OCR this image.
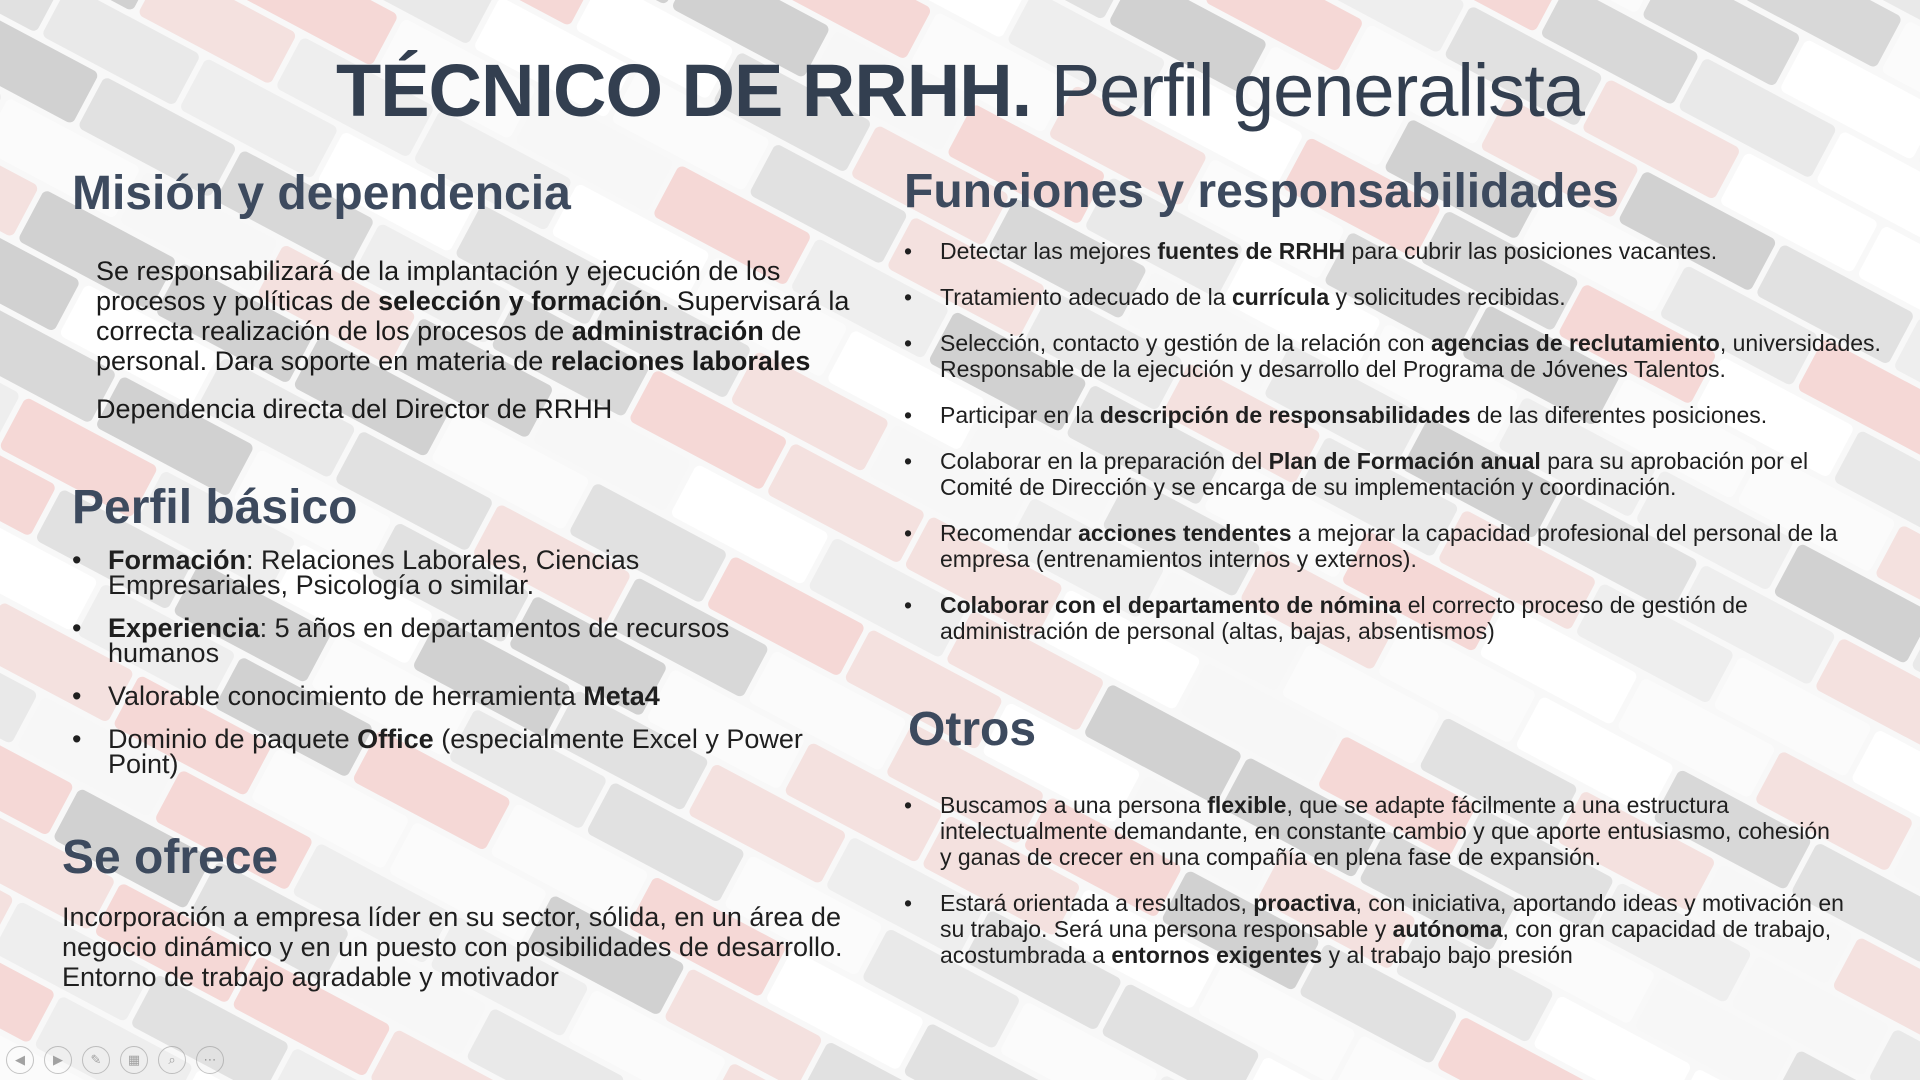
TÉCNICO DE RRHH. Perfil generalista
Misión y dependencia

Se responsabilizará de la implantación y ejecución de los procesos y políticas de selección y formación. Supervisará la correcta realización de los procesos de administración de personal. Dara soporte en materia de relaciones laborales

Dependencia directa del Director de RRHH

Perfil básico
• Formación: Relaciones Laborales, Ciencias Empresariales, Psicología o similar.
• Experiencia: 5 años en departamentos de recursos humanos
• Valorable conocimiento de herramienta Meta4
• Dominio de paquete Office (especialmente Excel y Power Point)
Se ofrece
Incorporación a empresa líder en su sector, sólida, en un área de negocio dinámico y en un puesto con posibilidades de desarrollo. Entorno de trabajo agradable y motivador
Funciones y responsabilidades
• Detectar las mejores fuentes de RRHH para cubrir las posiciones vacantes.
• Tratamiento adecuado de la currícula y solicitudes recibidas.
• Selección, contacto y gestión de la relación con agencias de reclutamiento, universidades. Responsable de la ejecución y desarrollo del Programa de Jóvenes Talentos.
• Participar en la descripción de responsabilidades de las diferentes posiciones.
• Colaborar en la preparación del Plan de Formación anual para su aprobación por el Comité de Dirección y se encarga de su implementación y coordinación.
• Recomendar acciones tendentes a mejorar la capacidad profesional del personal de la empresa (entrenamientos internos y externos).
• Colaborar con el departamento de nómina el correcto proceso de gestión de administración de personal (altas, bajas, absentismos)
Otros
• Buscamos a una persona flexible, que se adapte fácilmente a una estructura intelectualmente demandante, en constante cambio y que aporte entusiasmo, cohesión y ganas de crecer en una compañía en plena fase de expansión.
• Estará orientada a resultados, proactiva, con iniciativa, aportando ideas y motivación en su trabajo. Será una persona responsable y autónoma, con gran capacidad de trabajo, acostumbrada a entornos exigentes y al trabajo bajo presión
◀	▶	✎	▦	⌕	⋯
